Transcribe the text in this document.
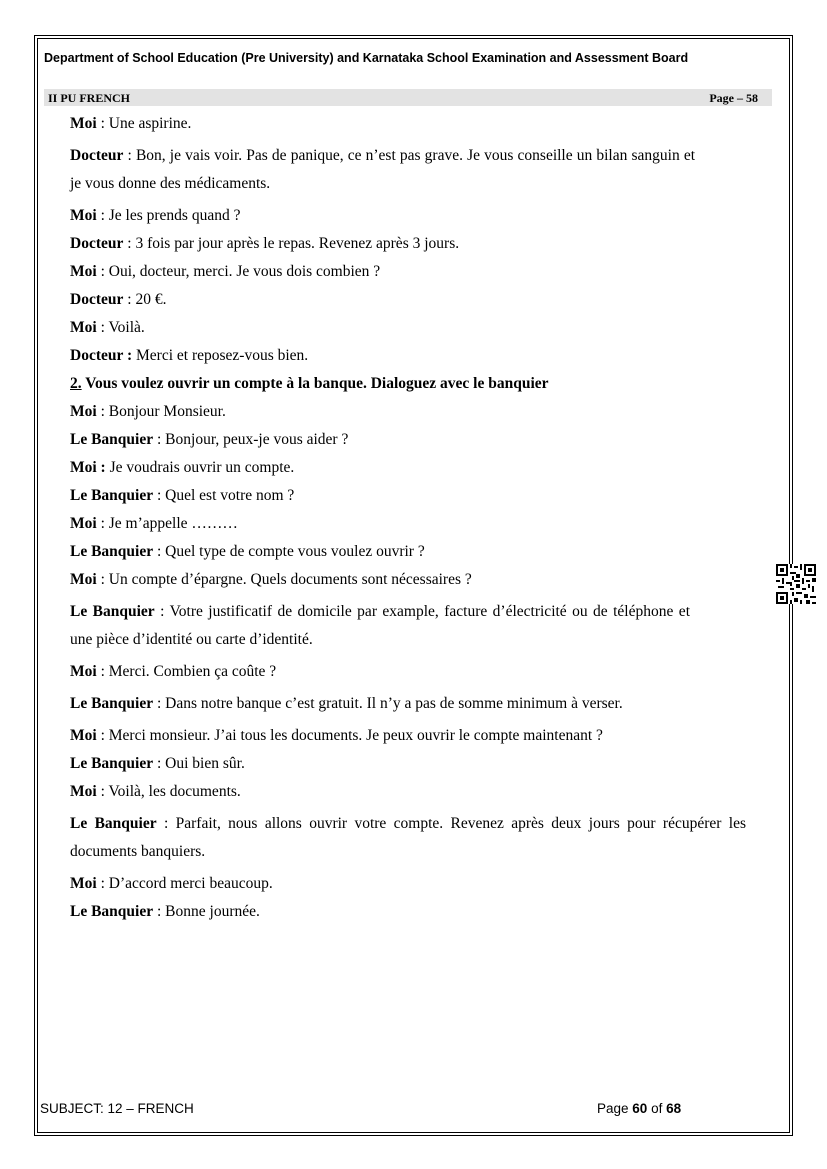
Department of School Education (Pre University) and Karnataka School Examination and Assessment Board
II PU FRENCH	Page – 58
Moi : Une aspirine.
Docteur : Bon, je vais voir. Pas de panique, ce n’est pas grave. Je vous conseille un bilan sanguin et je vous donne des médicaments.
Moi : Je les prends quand ?
Docteur : 3 fois par jour après le repas. Revenez après 3 jours.
Moi : Oui, docteur, merci. Je vous dois combien ?
Docteur : 20 €.
Moi : Voilà.
Docteur : Merci et reposez-vous bien.
2. Vous voulez ouvrir un compte à la banque. Dialoguez avec le banquier
Moi : Bonjour Monsieur.
Le Banquier : Bonjour, peux-je vous aider ?
Moi : Je voudrais ouvrir un compte.
Le Banquier : Quel est votre nom ?
Moi : Je m’appelle ………
Le Banquier : Quel type de compte vous voulez ouvrir ?
Moi : Un compte d’épargne. Quels documents sont nécessaires ?
Le Banquier : Votre justificatif de domicile par example, facture d’électricité ou de téléphone et une pièce d’identité ou carte d’identité.
Moi : Merci. Combien ça coûte ?
Le Banquier : Dans notre banque c’est gratuit. Il n’y a pas de somme minimum à verser.
Moi : Merci monsieur. J’ai tous les documents. Je peux ouvrir le compte maintenant ?
Le Banquier : Oui bien sûr.
Moi : Voilà, les documents.
Le Banquier : Parfait, nous allons ouvrir votre compte. Revenez après deux jours pour récupérer les documents banquiers.
Moi : D’accord merci beaucoup.
Le Banquier : Bonne journée.
SUBJECT: 12 – FRENCH	Page 60 of 68
